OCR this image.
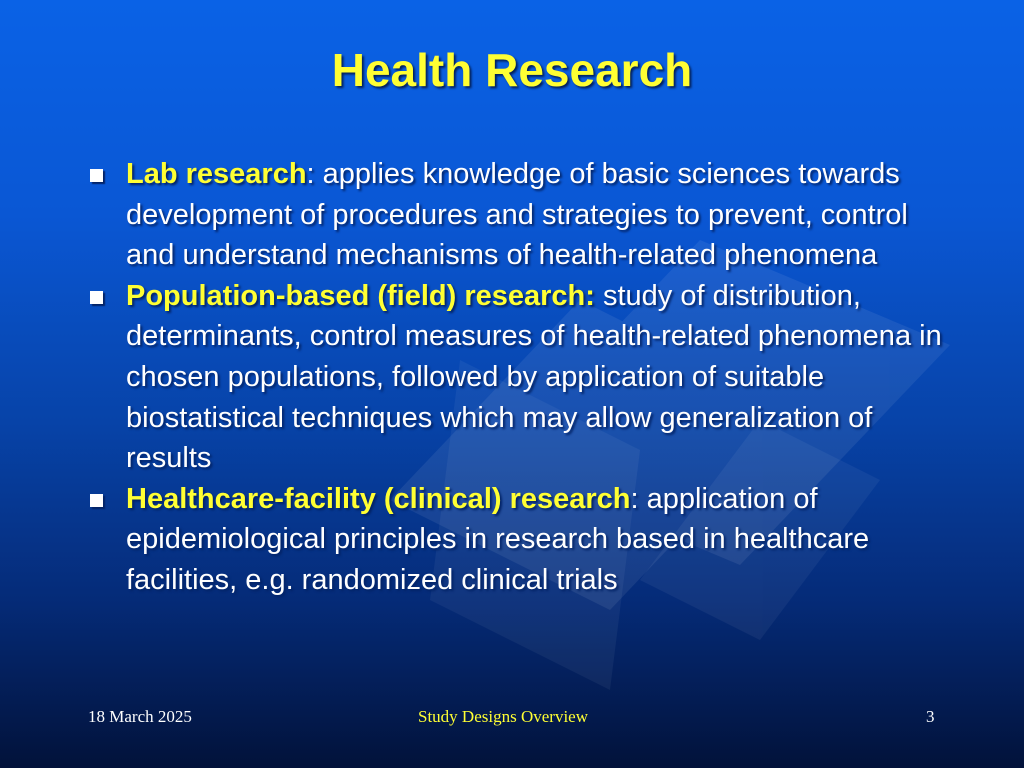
Health Research
Lab research: applies knowledge of basic sciences towards development of procedures and strategies to prevent, control and understand mechanisms of health-related phenomena
Population-based (field) research: study of distribution, determinants, control measures of health-related phenomena in chosen populations, followed by application of suitable biostatistical techniques which may allow generalization of results
Healthcare-facility (clinical) research: application of epidemiological principles in research based in healthcare facilities, e.g. randomized clinical trials
18 March 2025	Study Designs Overview	3
